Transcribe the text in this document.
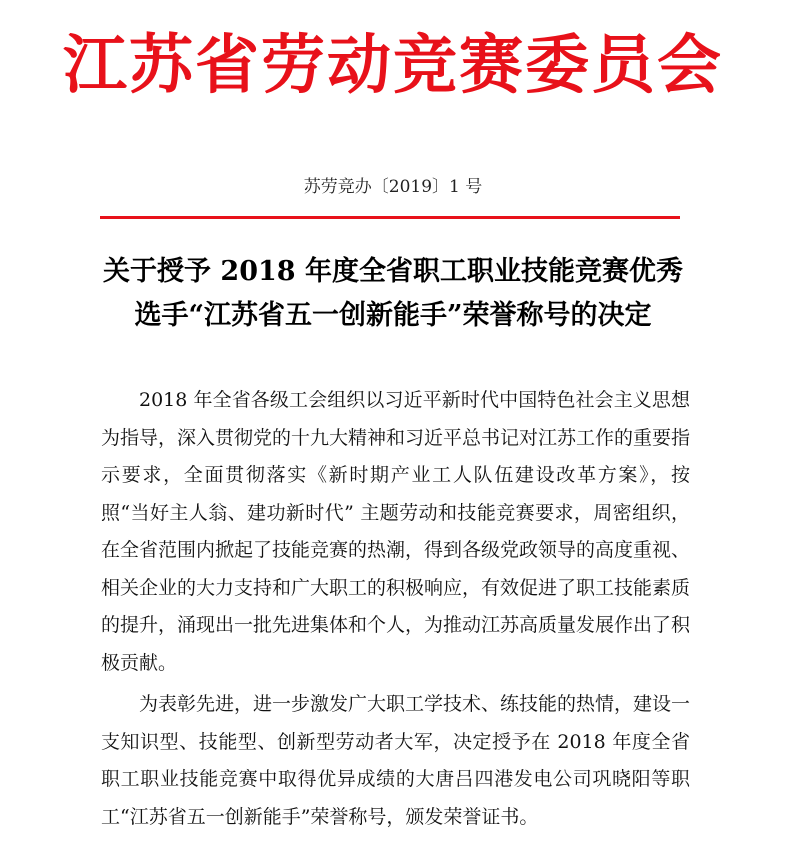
江苏省劳动竞赛委员会
苏劳竞办〔2019〕1 号
关于授予 2018 年度全省职工职业技能竞赛优秀
选手“江苏省五一创新能手”荣誉称号的决定

2018 年全省各级工会组织以习近平新时代中国特色社会主义思想为指导，深入贯彻党的十九大精神和习近平总书记对江苏工作的重要指示要求，全面贯彻落实《新时期产业工人队伍建设改革方案》，按照“当好主人翁、建功新时代” 主题劳动和技能竞赛要求，周密组织，在全省范围内掀起了技能竞赛的热潮，得到各级党政领导的高度重视、相关企业的大力支持和广大职工的积极响应，有效促进了职工技能素质的提升，涌现出一批先进集体和个人，为推动江苏高质量发展作出了积极贡献。

为表彰先进，进一步激发广大职工学技术、练技能的热情，建设一支知识型、技能型、创新型劳动者大军，决定授予在 2018 年度全省职工职业技能竞赛中取得优异成绩的大唐吕四港发电公司巩晓阳等职工“江苏省五一创新能手”荣誉称号，颁发荣誉证书。
